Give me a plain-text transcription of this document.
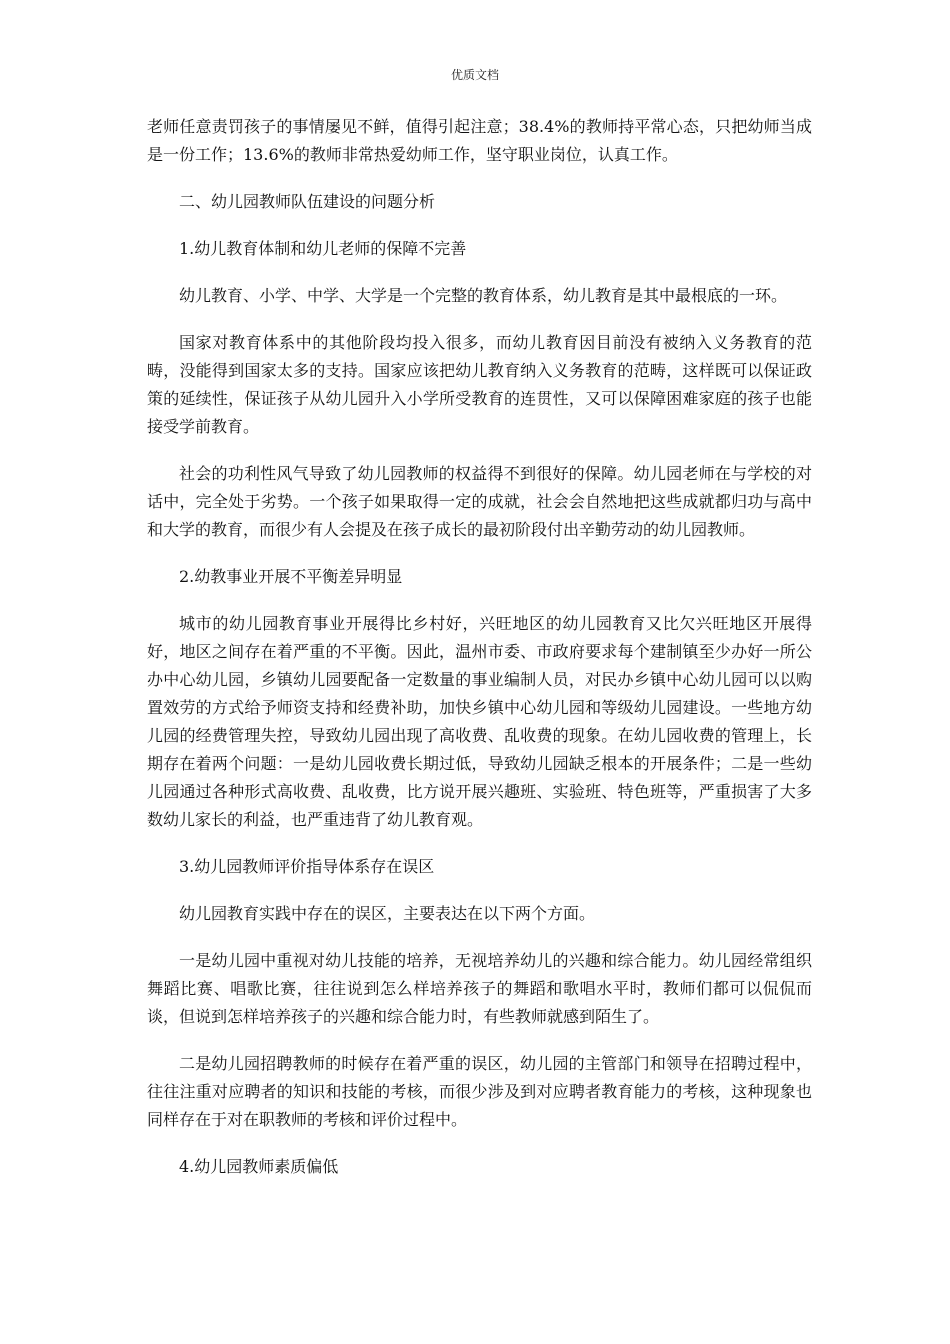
优质文档

老师任意责罚孩子的事情屡见不鲜，值得引起注意；38.4%的教师持平常心态，只把幼师当成是一份工作；13.6%的教师非常热爱幼师工作，坚守职业岗位，认真工作。

二、幼儿园教师队伍建设的问题分析

1.幼儿教育体制和幼儿老师的保障不完善

幼儿教育、小学、中学、大学是一个完整的教育体系，幼儿教育是其中最根底的一环。

国家对教育体系中的其他阶段均投入很多，而幼儿教育因目前没有被纳入义务教育的范畴，没能得到国家太多的支持。国家应该把幼儿教育纳入义务教育的范畴，这样既可以保证政策的延续性，保证孩子从幼儿园升入小学所受教育的连贯性，又可以保障困难家庭的孩子也能接受学前教育。

社会的功利性风气导致了幼儿园教师的权益得不到很好的保障。幼儿园老师在与学校的对话中，完全处于劣势。一个孩子如果取得一定的成就，社会会自然地把这些成就都归功与高中和大学的教育，而很少有人会提及在孩子成长的最初阶段付出辛勤劳动的幼儿园教师。

2.幼教事业开展不平衡差异明显

城市的幼儿园教育事业开展得比乡村好，兴旺地区的幼儿园教育又比欠兴旺地区开展得好，地区之间存在着严重的不平衡。因此，温州市委、市政府要求每个建制镇至少办好一所公办中心幼儿园，乡镇幼儿园要配备一定数量的事业编制人员，对民办乡镇中心幼儿园可以以购置效劳的方式给予师资支持和经费补助，加快乡镇中心幼儿园和等级幼儿园建设。一些地方幼儿园的经费管理失控，导致幼儿园出现了高收费、乱收费的现象。在幼儿园收费的管理上，长期存在着两个问题：一是幼儿园收费长期过低，导致幼儿园缺乏根本的开展条件；二是一些幼儿园通过各种形式高收费、乱收费，比方说开展兴趣班、实验班、特色班等，严重损害了大多数幼儿家长的利益，也严重违背了幼儿教育观。

3.幼儿园教师评价指导体系存在误区

幼儿园教育实践中存在的误区，主要表达在以下两个方面。

一是幼儿园中重视对幼儿技能的培养，无视培养幼儿的兴趣和综合能力。幼儿园经常组织舞蹈比赛、唱歌比赛，往往说到怎么样培养孩子的舞蹈和歌唱水平时，教师们都可以侃侃而谈，但说到怎样培养孩子的兴趣和综合能力时，有些教师就感到陌生了。

二是幼儿园招聘教师的时候存在着严重的误区，幼儿园的主管部门和领导在招聘过程中，往往注重对应聘者的知识和技能的考核，而很少涉及到对应聘者教育能力的考核，这种现象也同样存在于对在职教师的考核和评价过程中。

4.幼儿园教师素质偏低
